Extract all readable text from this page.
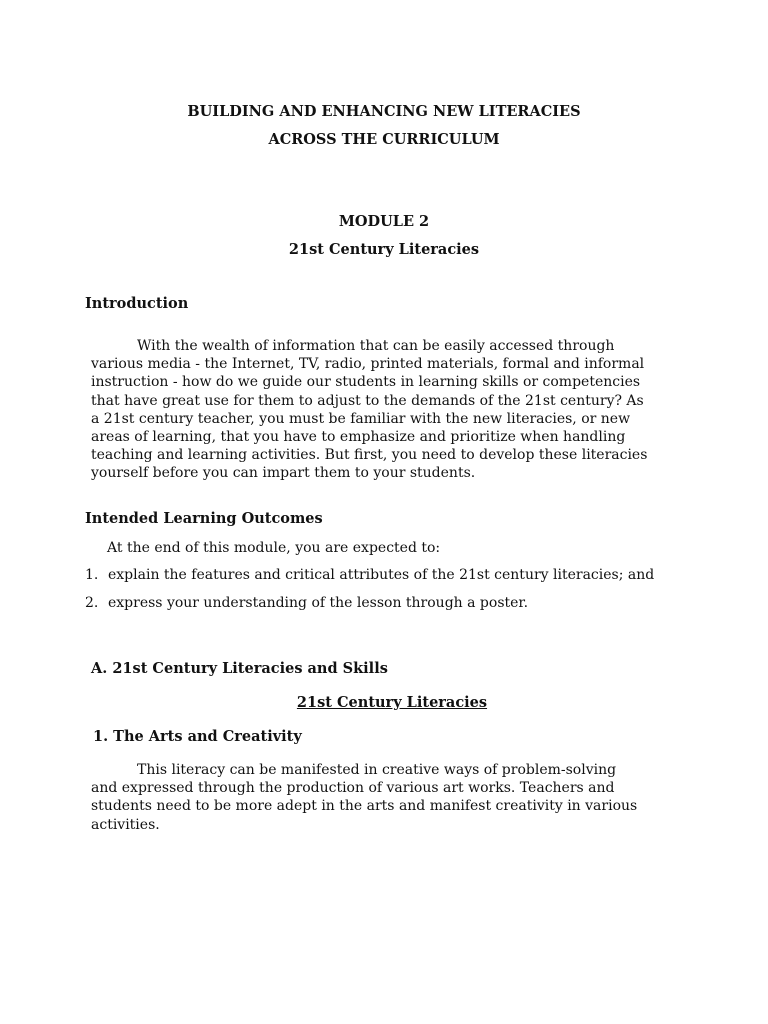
BUILDING AND ENHANCING NEW LITERACIES
ACROSS THE CURRICULUM
MODULE 2
21st Century Literacies
Introduction
With the wealth of information that can be easily accessed through
various media - the Internet, TV, radio, printed materials, formal and informal
instruction - how do we guide our students in learning skills or competencies
that have great use for them to adjust to the demands of the 21st century? As
a 21st century teacher, you must be familiar with the new literacies, or new
areas of learning, that you have to emphasize and prioritize when handling
teaching and learning activities. But first, you need to develop these literacies
yourself before you can impart them to your students.
Intended Learning Outcomes
At the end of this module, you are expected to:
1. explain the features and critical attributes of the 21st century literacies; and
2. express your understanding of the lesson through a poster.
A. 21st Century Literacies and Skills
21st Century Literacies
1. The Arts and Creativity
This literacy can be manifested in creative ways of problem-solving
and expressed through the production of various art works. Teachers and
students need to be more adept in the arts and manifest creativity in various
activities.
